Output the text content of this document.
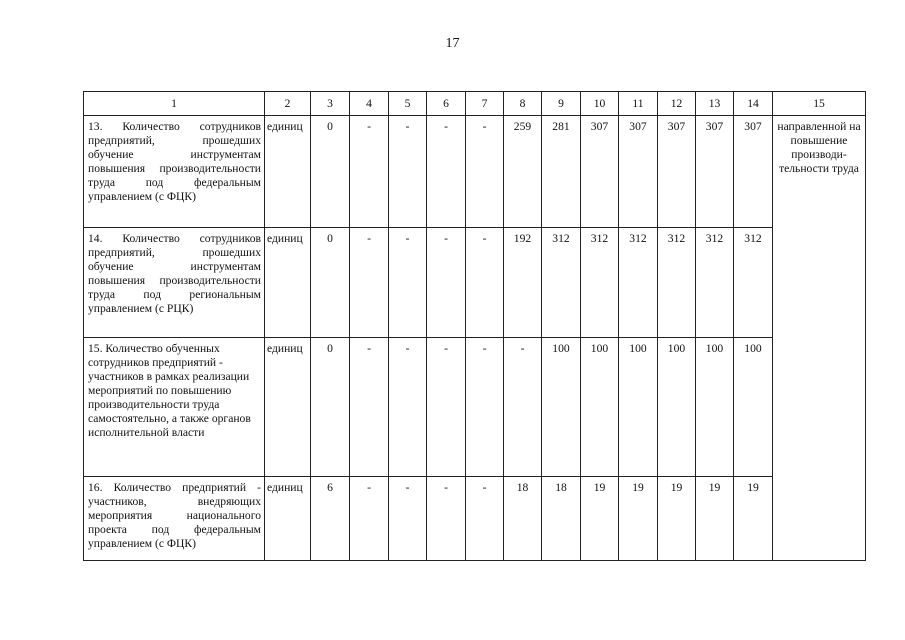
17
1	2	3	4	5	6	7	8	9	10	11	12	13	14	15
13. Количество сотрудников предприятий, прошедших обучение инструментам повышения производительности труда под федеральным управлением (с ФЦК)	единиц	0	-	-	-	-	259	281	307	307	307	307	307	направленной на повышение производи-тельности труда
14. Количество сотрудников предприятий, прошедших обучение инструментам повышения производительности труда под региональным управлением (с РЦК)	единиц	0	-	-	-	-	192	312	312	312	312	312	312	
15. Количество обученных сотрудников предприятий - участников в рамках реализации мероприятий по повышению производительности труда самостоятельно, а также органов исполнительной власти	единиц	0	-	-	-	-	-	100	100	100	100	100	100	
16. Количество предприятий - участников, внедряющих мероприятия национального проекта под федеральным управлением (с ФЦК)	единиц	6	-	-	-	-	18	18	19	19	19	19	19	
